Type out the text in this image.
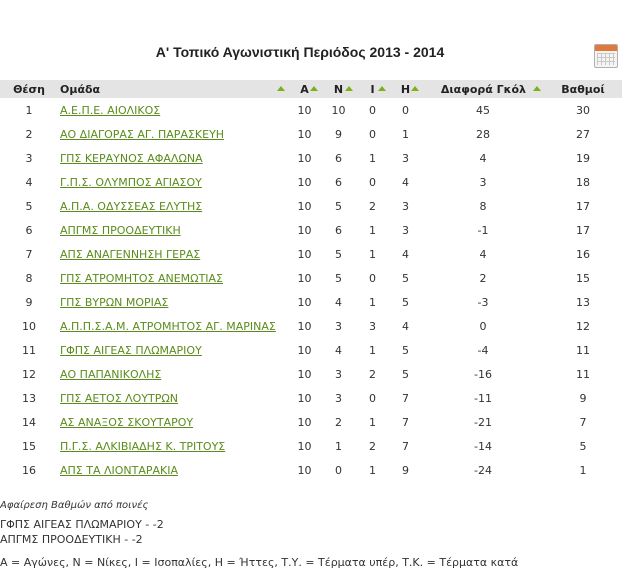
Α' Τοπικό Αγωνιστική Περιόδος 2013 - 2014
Θέση	Ομάδα	Α	Ν	Ι	Η	Διαφορά Γκόλ	Βαθμοί
1	Α.Ε.Π.Ε. ΑΙΟΛΙΚΟΣ	10	10	0	0	45	30
2	ΑΟ ΔΙΑΓΟΡΑΣ ΑΓ. ΠΑΡΑΣΚΕΥΗ	10	9	0	1	28	27
3	ΓΠΣ ΚΕΡΑΥΝΟΣ ΑΦΑΛΩΝΑ	10	6	1	3	4	19
4	Γ.Π.Σ. ΟΛΥΜΠΟΣ ΑΓΙΑΣΟΥ	10	6	0	4	3	18
5	Α.Π.Α. ΟΔΥΣΣΕΑΣ ΕΛΥΤΗΣ	10	5	2	3	8	17
6	ΑΠΓΜΣ ΠΡΟΟΔΕΥΤΙΚΗ	10	6	1	3	-1	17
7	ΑΠΣ ΑΝΑΓΕΝΝΗΣΗ ΓΕΡΑΣ	10	5	1	4	4	16
8	ΓΠΣ ΑΤΡΟΜΗΤΟΣ ΑΝΕΜΩΤΙΑΣ	10	5	0	5	2	15
9	ΓΠΣ ΒΥΡΩΝ ΜΟΡΙΑΣ	10	4	1	5	-3	13
10	Α.Π.Π.Σ.Α.Μ. ΑΤΡΟΜΗΤΟΣ ΑΓ. ΜΑΡΙΝΑΣ	10	3	3	4	0	12
11	ΓΦΠΣ ΑΙΓΕΑΣ ΠΛΩΜΑΡΙΟΥ	10	4	1	5	-4	11
12	ΑΟ ΠΑΠΑΝΙΚΟΛΗΣ	10	3	2	5	-16	11
13	ΓΠΣ ΑΕΤΟΣ ΛΟΥΤΡΩΝ	10	3	0	7	-11	9
14	ΑΣ ΑΝΑΞΟΣ ΣΚΟΥΤΑΡΟΥ	10	2	1	7	-21	7
15	Π.Γ.Σ. ΑΛΚΙΒΙΑΔΗΣ Κ. ΤΡΙΤΟΥΣ	10	1	2	7	-14	5
16	ΑΠΣ ΤΑ ΛΙΟΝΤΑΡΑΚΙΑ	10	0	1	9	-24	1
Αφαίρεση Βαθμών από ποινές
ΓΦΠΣ ΑΙΓΕΑΣ ΠΛΩΜΑΡΙΟΥ - -2
ΑΠΓΜΣ ΠΡΟΟΔΕΥΤΙΚΗ - -2
Α = Αγώνες, Ν = Νίκες, Ι = Ισοπαλίες, Η = Ήττες, Τ.Υ. = Τέρματα υπέρ, Τ.Κ. = Τέρματα κατά
